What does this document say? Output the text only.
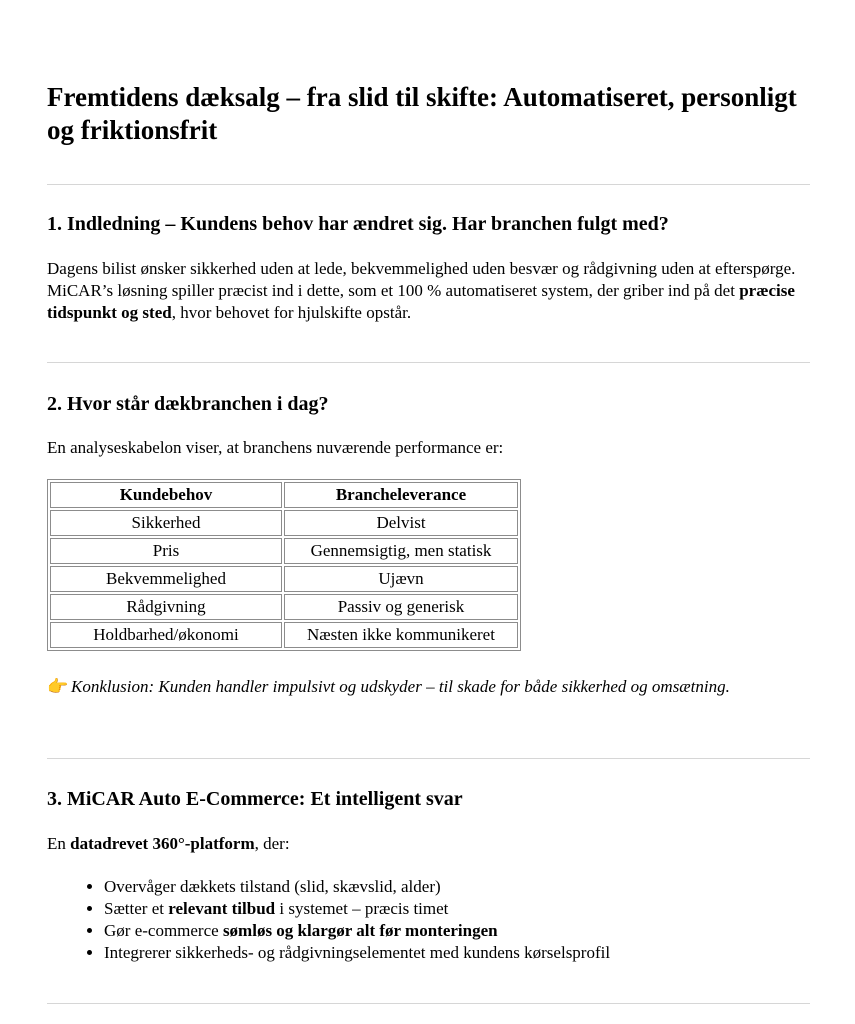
Fremtidens dæksalg – fra slid til skifte: Automatiseret, personligt og friktionsfrit
1. Indledning – Kundens behov har ændret sig. Har branchen fulgt med?

Dagens bilist ønsker sikkerhed uden at lede, bekvemmelighed uden besvær og rådgivning uden at efterspørge. MiCAR’s løsning spiller præcist ind i dette, som et 100 % automatiseret system, der griber ind på det præcise tidspunkt og sted, hvor behovet for hjulskifte opstår.

2. Hvor står dækbranchen i dag?

En analyseskabelon viser, at branchens nuværende performance er:

Kundebehov	Brancheleverance
Sikkerhed	Delvist
Pris	Gennemsigtig, men statisk
Bekvemmelighed	Ujævn
Rådgivning	Passiv og generisk
Holdbarhed/økonomi	Næsten ikke kommunikeret

👉 Konklusion: Kunden handler impulsivt og udskyder – til skade for både sikkerhed og omsætning.

3. MiCAR Auto E-Commerce: Et intelligent svar

En datadrevet 360°-platform, der:

• Overvåger dækkets tilstand (slid, skævslid, alder)
• Sætter et relevant tilbud i systemet – præcis timet
• Gør e-commerce sømløs og klargør alt før monteringen
• Integrerer sikkerheds- og rådgivningselementet med kundens kørselsprofil
